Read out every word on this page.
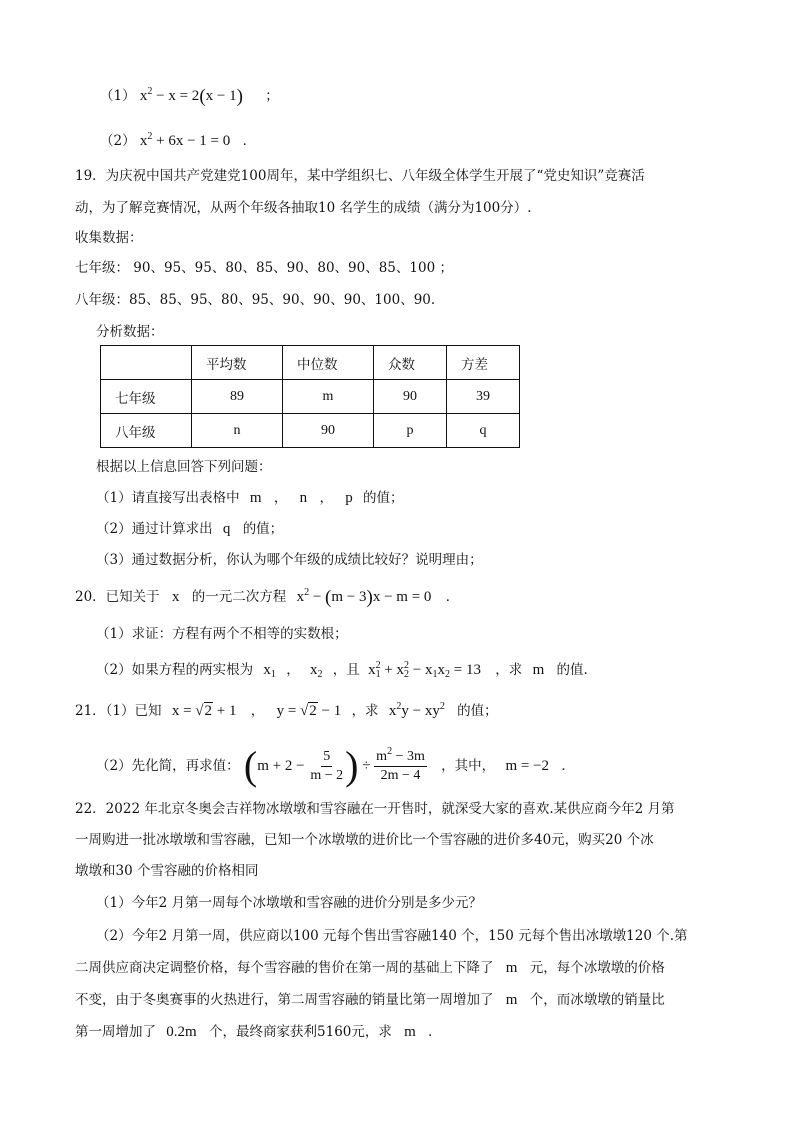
（1） $x^2 - x = 2(x - 1)$ ；
（2） $x^2 + 6x - 1 = 0$ ．
19．为庆祝中国共产党建党100周年，某中学组织七、八年级全体学生开展了“党史知识”竞赛活
动，为了解竞赛情况，从两个年级各抽取10 名学生的成绩（满分为100分）.
收集数据：
七年级： 90、95、95、80、85、90、80、90、85、100 ；
八年级：85、85、95、80、95、90、90、90、100、90.
分析数据：
	平均数	中位数	众数	方差
七年级	89	m	90	39
八年级	n	90	p	q
根据以上信息回答下列问题：
（1）请直接写出表格中 m ， n ， p 的值；
（2）通过计算求出 q 的值；
（3）通过数据分析，你认为哪个年级的成绩比较好？说明理由；
20．已知关于 x 的一元二次方程 $x^2 - (m - 3)x - m = 0$ ．
（1）求证：方程有两个不相等的实数根；
（2）如果方程的两实根为 $x_1$ ， $x_2$ ，且 $x_1^2 + x_2^2 - x_1x_2 = 13$ ，求 m 的值.
21．（1）已知 x = √2 + 1 ， y = √2 − 1 ，求 $x^2y - xy^2$ 的值；
（2）先化简，再求值： ($m + 2 - \frac{5}{m - 2}$ ) ÷ $\frac{m^2 - 3m}{2m - 4}$ ，其中， m = −2 ．
22．2022 年北京冬奥会吉祥物冰墩墩和雪容融在一开售时，就深受大家的喜欢.某供应商今年2 月第
一周购进一批冰墩墩和雪容融，已知一个冰墩墩的进价比一个雪容融的进价多40元，购买20 个冰
墩墩和30 个雪容融的价格相同
（1）今年2 月第一周每个冰墩墩和雪容融的进价分别是多少元？
（2）今年2 月第一周，供应商以100 元每个售出雪容融140 个，150 元每个售出冰墩墩120 个.第
二周供应商决定调整价格，每个雪容融的售价在第一周的基础上下降了 m 元，每个冰墩墩的价格
不变，由于冬奥赛事的火热进行，第二周雪容融的销量比第一周增加了 m 个，而冰墩墩的销量比
第一周增加了 0.2m 个，最终商家获利5160元，求 m ．
